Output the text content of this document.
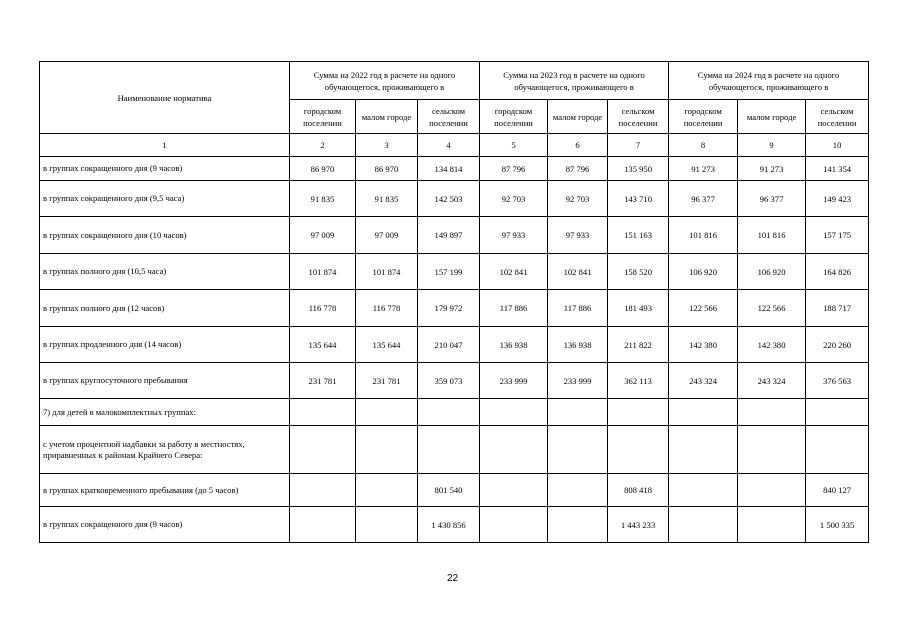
Наименование норматива	Сумма на 2022 год в расчете на одного обучающегося, проживающего в			Сумма на 2023 год в расчете на одного обучающегося, проживающего в			Сумма на 2024 год в расчете на одного обучающегося, проживающего в		
	городском поселении	малом городе	сельском поселении	городском поселении	малом городе	сельском поселении	городском поселении	малом городе	сельском поселении
1	2	3	4	5	6	7	8	9	10
в группах сокращенного дня (9 часов)	86 970	86 970	134 814	87 796	87 796	135 950	91 273	91 273	141 354
в группах сокращенного дня (9,5 часа)	91 835	91 835	142 503	92 703	92 703	143 710	96 377	96 377	149 423
в группах сокращенного дня (10 часов)	97 009	97 009	149 897	97 933	97 933	151 163	101 816	101 816	157 175
в группах полного дня (10,5 часа)	101 874	101 874	157 199	102 841	102 841	158 520	106 920	106 920	164 826
в группах полного дня (12 часов)	116 778	116 778	179 972	117 886	117 886	181 493	122 566	122 566	188 717
в группах продленного дня (14 часов)	135 644	135 644	210 047	136 938	136 938	211 822	142 380	142 380	220 260
в группах круглосуточного пребывания	231 781	231 781	359 073	233 999	233 999	362 113	243 324	243 324	376 563
7) для детей в малокомплектных группах:									
с учетом процентной надбавки за работу в местностях, приравненных к районам Крайнего Севера:									
в группах кратковременного пребывания (до 5 часов)			801 540			808 418			840 127
в группах сокращенного дня (9 часов)			1 430 856			1 443 233			1 500 335
22
